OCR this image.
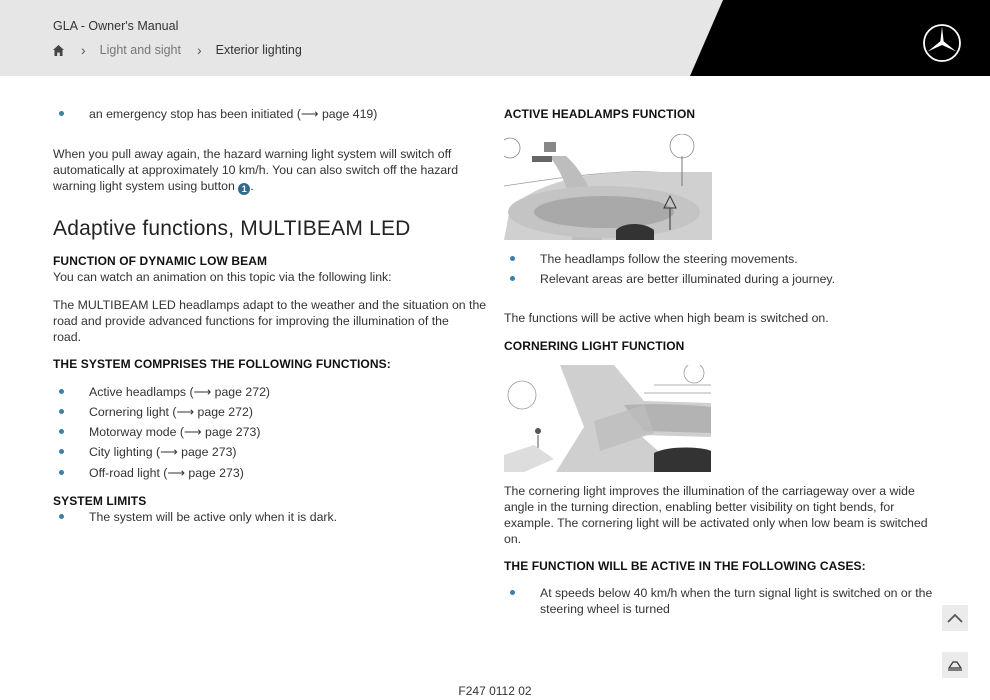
GLA - Owner's Manual
› Light and sight › Exterior lighting
an emergency stop has been initiated (⟶ page 419)
When you pull away again, the hazard warning light system will switch off
automatically at approximately 10 km/h. You can also switch off the hazard
warning light system using button 1 .
Adaptive functions, MULTIBEAM LED
FUNCTION OF DYNAMIC LOW BEAM
You can watch an animation on this topic via the following link:
The MULTIBEAM LED headlamps adapt to the weather and the situation on the
road and provide advanced functions for improving the illumination of the
road.
THE SYSTEM COMPRISES THE FOLLOWING FUNCTIONS:
Active headlamps (⟶ page 272)
Cornering light (⟶ page 272)
Motorway mode (⟶ page 273)
City lighting (⟶ page 273)
Off-road light (⟶ page 273)
SYSTEM LIMITS
The system will be active only when it is dark.
ACTIVE HEADLAMPS FUNCTION
The headlamps follow the steering movements.
Relevant areas are better illuminated during a journey.
The functions will be active when high beam is switched on.
CORNERING LIGHT FUNCTION
The cornering light improves the illumination of the carriageway over a wide
angle in the turning direction, enabling better visibility on tight bends, for
example. The cornering light will be activated only when low beam is switched
on.
THE FUNCTION WILL BE ACTIVE IN THE FOLLOWING CASES:
At speeds below 40 km/h when the turn signal light is switched on or the
steering wheel is turned
F247 0112 02
